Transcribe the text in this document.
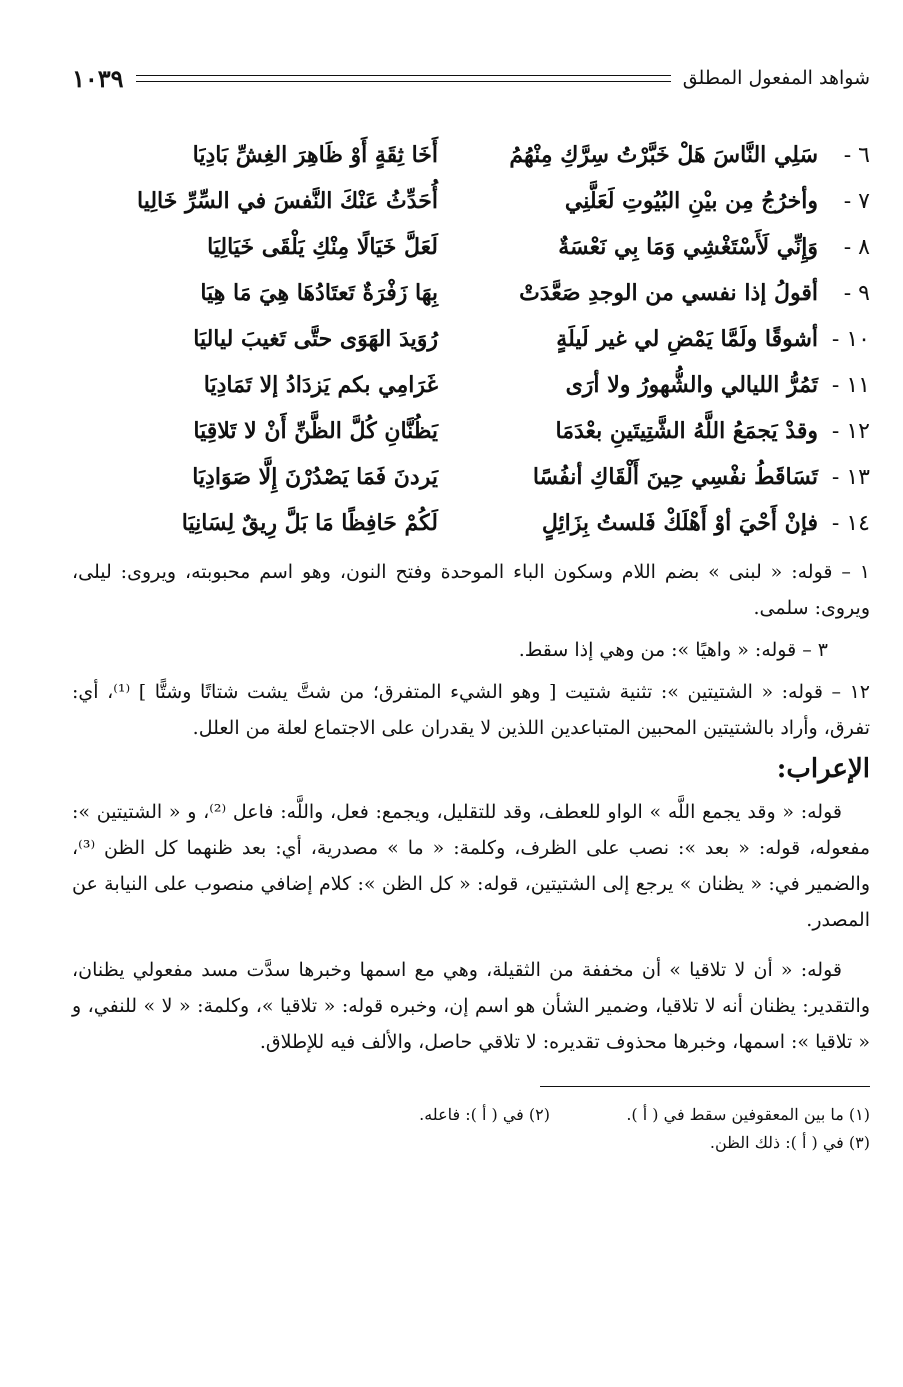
شواهد المفعول المطلق
١٠٣٩
٦ -
سَلِي النَّاسَ هَلْ خَبَّرْتُ سِرَّكِ مِنْهُمُ
أَخَا ثِقَةٍ أَوْ ظَاهِرَ الغِشِّ بَادِيَا
٧ -
وأخرُجُ مِن بيْنِ البُيُوتِ لَعَلَّنِي
أُحَدِّثُ عَنْكَ النَّفسَ في السِّرِّ خَالِيا
٨ -
وَإِنِّي لَأَسْتَغْشِي وَمَا بِي نَعْسَةٌ
لَعَلَّ خَيَالًا مِنْكِ يَلْقَى خَيَالِيَا
٩ -
أقولُ إذا نفسي من الوجدِ صَعَّدَتْ
بِهَا زَفْرَةٌ تَعتَادُهَا هِيَ مَا هِيَا
١٠ -
أشوقًا ولَمَّا يَمْضِ لي غير لَيلَةٍ
رُوَيدَ الهَوَى حتَّى تَغيبَ لياليَا
١١ -
تَمُرُّ الليالي والشُّهورُ ولا أرَى
غَرَامِي بكم يَزدَادُ إلا تَمَادِيَا
١٢ -
وقدْ يَجمَعُ اللَّهُ الشَّتِيتَينِ بعْدَمَا
يَظُنَّانِ كُلَّ الظَّنِّ أَنْ لا تَلاقِيَا
١٣ -
تَسَاقَطُ نفْسِي حِينَ أَلْقَاكِ أنفُسًا
يَردنَ فَمَا يَصْدُرْنَ إِلَّا صَوَادِيَا
١٤ -
فإنْ أَحْيَ أوْ أَهْلَكْ فَلستُ بِزَائِلٍ
لَكُمْ حَافِظًا مَا بَلَّ رِيقٌ لِسَانِيَا

١ – قوله: « لبنى » بضم اللام وسكون الباء الموحدة وفتح النون، وهو اسم محبوبته، ويروى: ليلى، ويروى: سلمى.

٣ – قوله: « واهيًا »: من وهي إذا سقط.

١٢ – قوله: « الشتيتين »: تثنية شتيت [ وهو الشيء المتفرق؛ من شتَّ يشت شتاتًا وشتًّا ] ⁽¹⁾، أي: تفرق، وأراد بالشتيتين المحبين المتباعدين اللذين لا يقدران على الاجتماع لعلة من العلل.

الإعراب:

قوله: « وقد يجمع اللَّه » الواو للعطف، وقد للتقليل، ويجمع: فعل، واللَّه: فاعل ⁽²⁾، و « الشتيتين »: مفعوله، قوله: « بعد »: نصب على الظرف، وكلمة: « ما » مصدرية، أي: بعد ظنهما كل الظن ⁽³⁾، والضمير في: « يظنان » يرجع إلى الشتيتين، قوله: « كل الظن »: كلام إضافي منصوب على النيابة عن المصدر.

قوله: « أن لا تلاقيا » أن مخففة من الثقيلة، وهي مع اسمها وخبرها سدَّت مسد مفعولي يظنان، والتقدير: يظنان أنه لا تلاقيا، وضمير الشأن هو اسم إن، وخبره قوله: « تلاقيا »، وكلمة: « لا » للنفي، و « تلاقيا »: اسمها، وخبرها محذوف تقديره: لا تلاقي حاصل، والألف فيه للإطلاق.

(١) ما بين المعقوفين سقط في ( أ ).
(٢) في ( أ ): فاعله.
(٣) في ( أ ): ذلك الظن.
